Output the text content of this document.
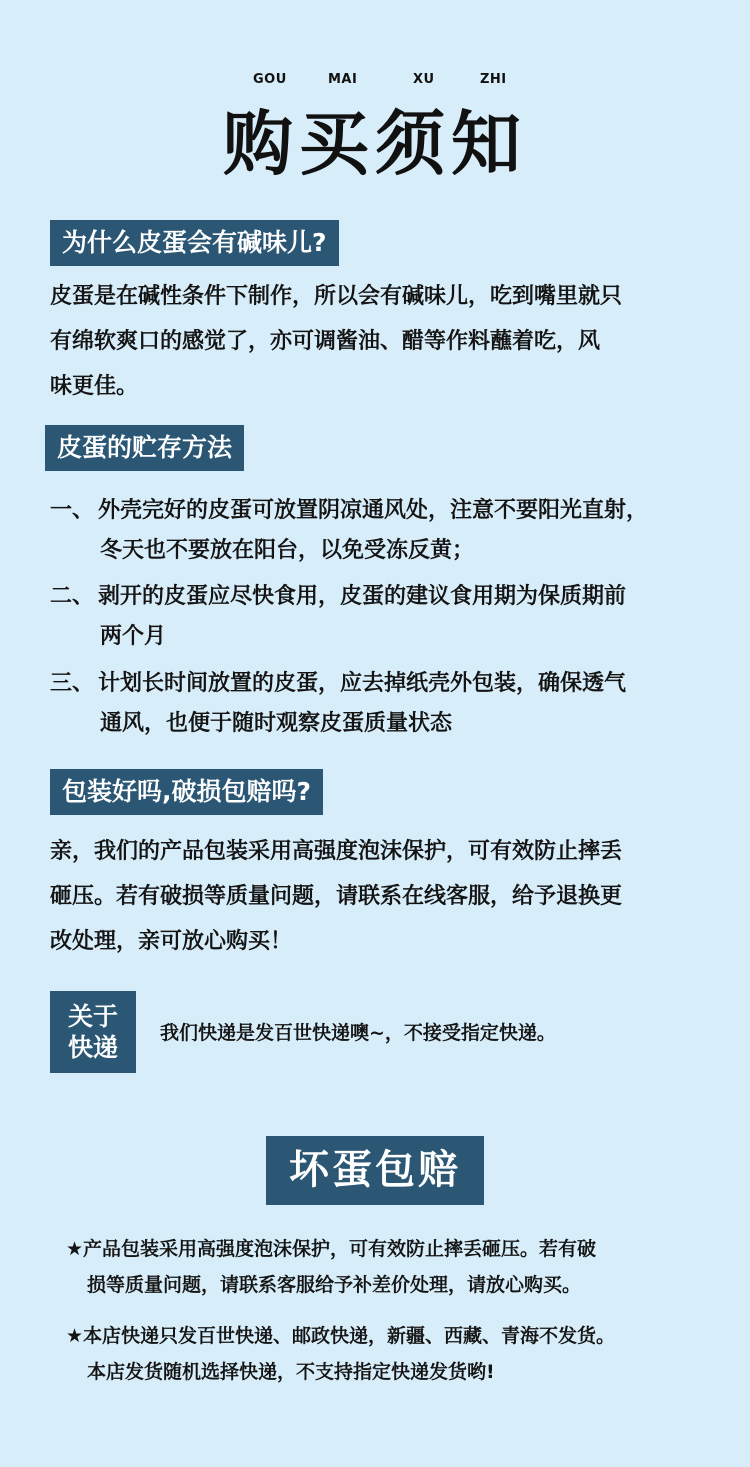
GOU	MAI	XU	ZHI
购买须知
为什么皮蛋会有碱味儿?
皮蛋是在碱性条件下制作，所以会有碱味儿，吃到嘴里就只
有绵软爽口的感觉了，亦可调酱油、醋等作料蘸着吃，风
味更佳。
皮蛋的贮存方法
一、 外壳完好的皮蛋可放置阴凉通风处，注意不要阳光直射，
冬天也不要放在阳台，以免受冻反黄；
二、 剥开的皮蛋应尽快食用，皮蛋的建议食用期为保质期前
两个月
三、 计划长时间放置的皮蛋，应去掉纸壳外包装，确保透气
通风，也便于随时观察皮蛋质量状态
包装好吗,破损包赔吗?
亲，我们的产品包装采用高强度泡沫保护，可有效防止摔丢
砸压。若有破损等质量问题，请联系在线客服，给予退换更
改处理，亲可放心购买！
关于
快递	我们快递是发百世快递噢~，不接受指定快递。
坏蛋包赔
★产品包装采用高强度泡沫保护，可有效防止摔丢砸压。若有破
损等质量问题，请联系客服给予补差价处理，请放心购买。
★本店快递只发百世快递、邮政快递，新疆、西藏、青海不发货。
本店发货随机选择快递，不支持指定快递发货哟!
